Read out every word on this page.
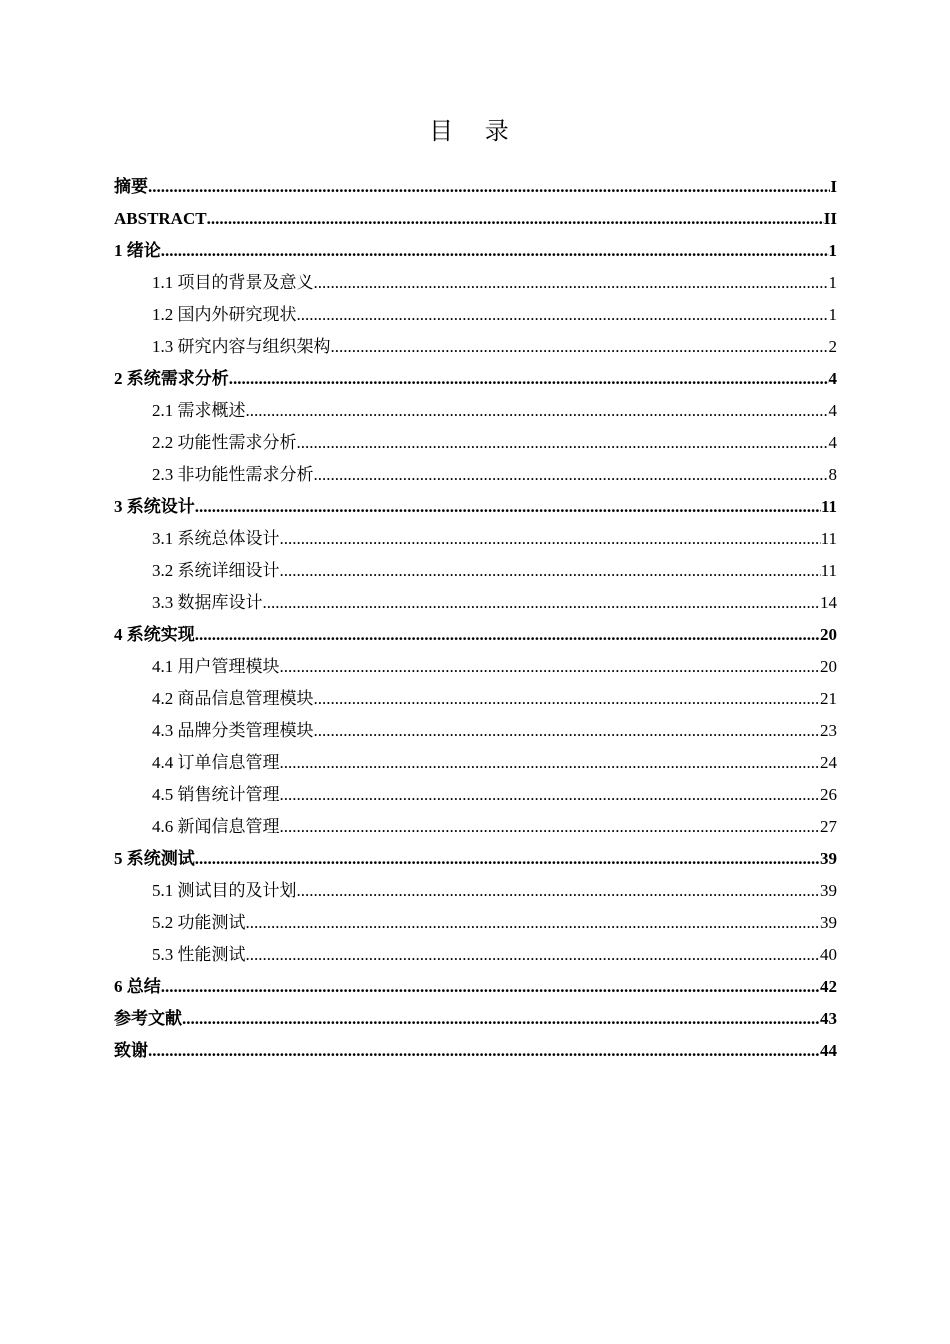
目 录
摘要 .....	I
ABSTRACT .....	II
1 绪论 .....	1
1.1 项目的背景及意义 .....	1
1.2 国内外研究现状 .....	1
1.3 研究内容与组织架构 .....	2
2 系统需求分析 .....	4
2.1 需求概述 .....	4
2.2 功能性需求分析 .....	4
2.3 非功能性需求分析 .....	8
3 系统设计 .....	11
3.1 系统总体设计 .....	11
3.2 系统详细设计 .....	11
3.3 数据库设计 .....	14
4 系统实现 .....	20
4.1 用户管理模块 .....	20
4.2 商品信息管理模块 .....	21
4.3 品牌分类管理模块 .....	23
4.4 订单信息管理 .....	24
4.5 销售统计管理 .....	26
4.6 新闻信息管理 .....	27
5 系统测试 .....	39
5.1 测试目的及计划 .....	39
5.2 功能测试 .....	39
5.3 性能测试 .....	40
6 总结 .....	42
参考文献 .....	43
致谢 .....	44
